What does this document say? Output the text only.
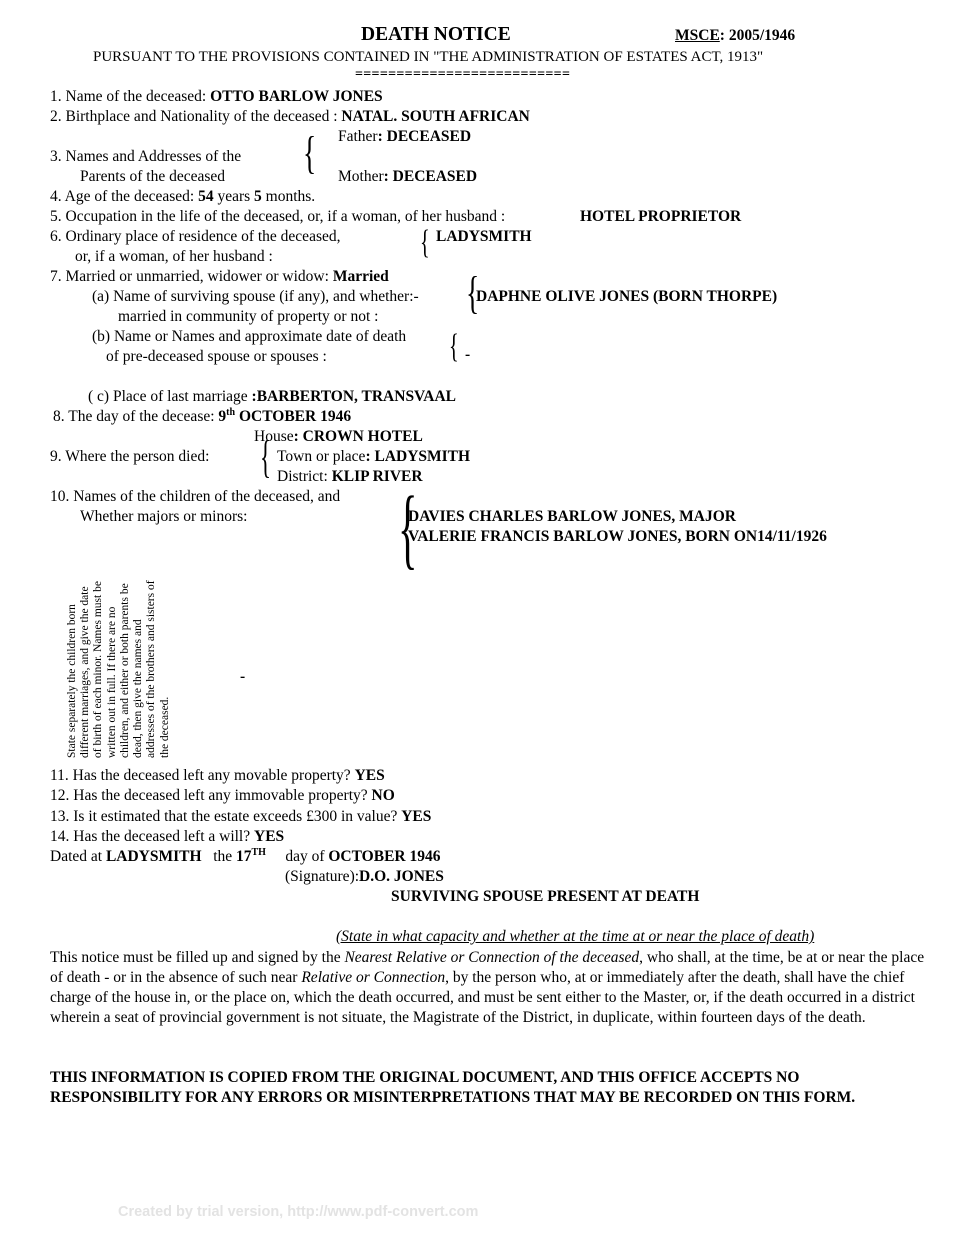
DEATH NOTICE	MSCE: 2005/1946
PURSUANT TO THE PROVISIONS CONTAINED IN "THE ADMINISTRATION OF ESTATES ACT, 1913"
==========================
1. Name of the deceased: OTTO BARLOW JONES
2. Birthplace and Nationality of the deceased : NATAL. SOUTH AFRICAN
Father: DECEASED
{
3. Names and Addresses of the
Parents of the deceased	Mother: DECEASED
4. Age of the deceased: 54 years 5 months.
5. Occupation in the life of the deceased, or, if a woman, of her husband :	HOTEL PROPRIETOR
6. Ordinary place of residence of the deceased,
or, if a woman, of her husband :	{ LADYSMITH
7. Married or unmarried, widower or widow: Married
(a) Name of surviving spouse (if any), and whether:-
married in community of property or not : {
DAPHNE OLIVE JONES (BORN THORPE)
(b) Name or Names and approximate date of death
of pre-deceased spouse or spouses :	{ -
( c) Place of last marriage :BARBERTON, TRANSVAAL
8. The day of the decease: 9th OCTOBER 1946
House: CROWN HOTEL
9. Where the person died: { Town or place: LADYSMITH
District: KLIP RIVER
10. Names of the children of the deceased, and
Whether majors or minors: {
DAVIES CHARLES BARLOW JONES, MAJOR
VALERIE FRANCIS BARLOW JONES, BORN ON14/11/1926
State separately the children born different marriages, and give the date of birth of each minor. Names must be written out in full. If there are no children, and either or both parents be dead, then give the names and addresses of the brothers and sisters of the deceased.
-
11. Has the deceased left any movable property? YES
12. Has the deceased left any immovable property? NO
13. Is it estimated that the estate exceeds £300 in value? YES
14. Has the deceased left a will? YES
Dated at LADYSMITH   the 17TH     day of OCTOBER 1946
(Signature):D.O. JONES
SURVIVING SPOUSE PRESENT AT DEATH
(State in what capacity and whether at the time at or near the place of death)
This notice must be filled up and signed by the Nearest Relative or Connection of the deceased, who shall, at the time, be at or near the place of death - or in the absence of such near Relative or Connection, by the person who, at or immediately after the death, shall have the chief charge of the house in, or the place on, which the death occurred, and must be sent either to the Master, or, if the death occurred in a district wherein a seat of provincial government is not situate, the Magistrate of the District, in duplicate, within fourteen days of the death.
THIS INFORMATION IS COPIED FROM THE ORIGINAL DOCUMENT, AND THIS OFFICE ACCEPTS NO RESPONSIBILITY FOR ANY ERRORS OR MISINTERPRETATIONS THAT MAY BE RECORDED ON THIS FORM.
Created by trial version, http://www.pdf-convert.com
